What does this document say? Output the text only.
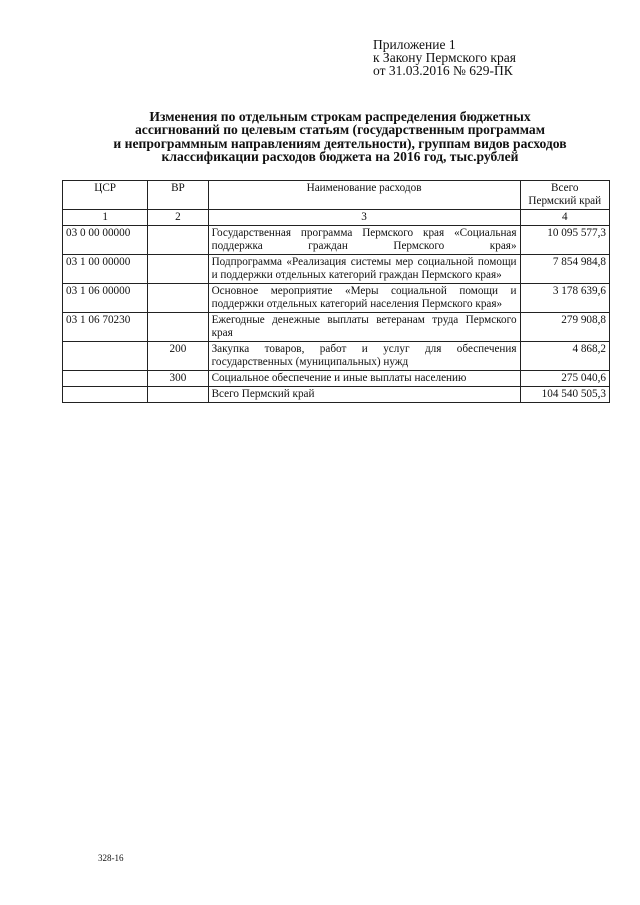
Приложение 1
к Закону Пермского края
от 31.03.2016 № 629-ПК
Изменения по отдельным строкам распределения бюджетных
ассигнований по целевым статьям (государственным программам
и непрограммным направлениям деятельности), группам видов расходов
классификации расходов бюджета на 2016 год, тыс.рублей
ЦСР	ВР	Наименование расходов	Всего
Пермский край

1	2	3	4
03 0 00 00000		Государственная программа Пермского края «Социальная поддержка граждан Пермского края»	10 095 577,3
03 1 00 00000		Подпрограмма «Реализация системы мер социальной помощи и поддержки отдельных категорий граждан Пермского края»	7 854 984,8
03 1 06 00000		Основное мероприятие «Меры социальной помощи и поддержки отдельных категорий населения Пермского края»	3 178 639,6
03 1 06 70230		Ежегодные денежные выплаты ветеранам труда Пермского края	279 908,8
	200	Закупка товаров, работ и услуг для обеспечения государственных (муниципальных) нужд	4 868,2
	300	Социальное обеспечение и иные выплаты населению	275 040,6
		Всего Пермский край	104 540 505,3
328-16
